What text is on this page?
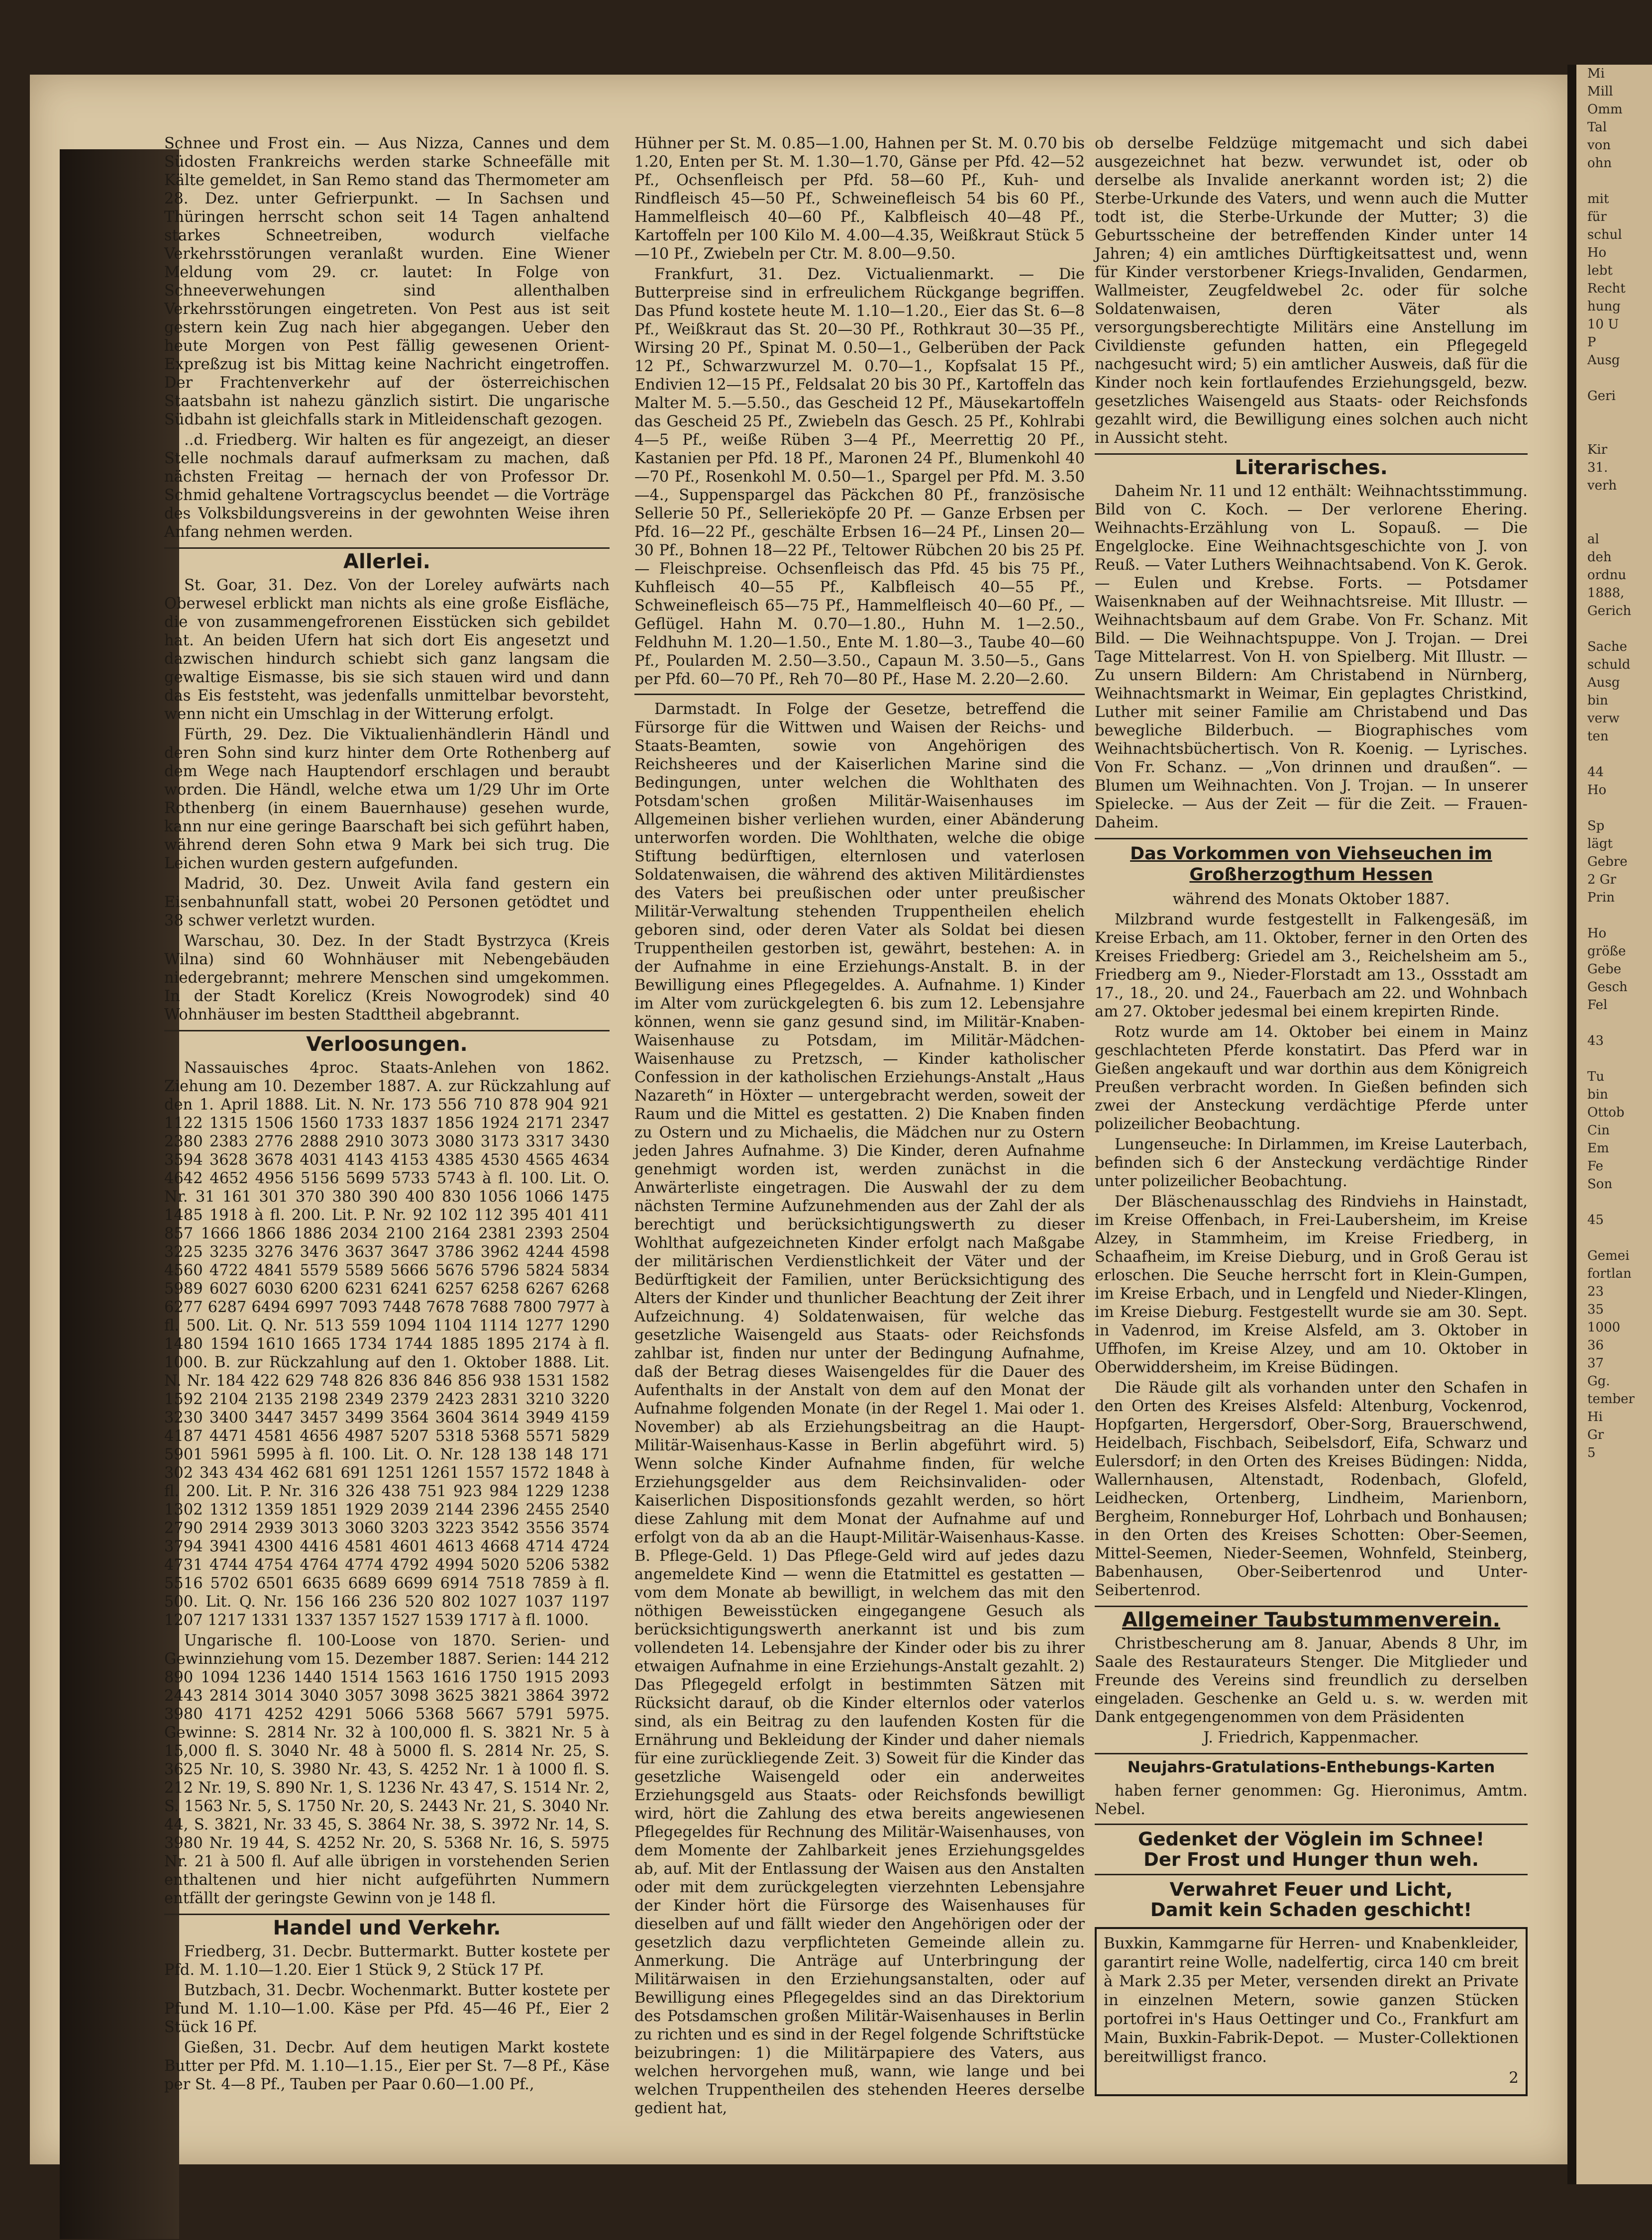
Schnee und Frost ein. — Aus Nizza, Cannes und dem Südosten Frankreichs werden starke Schneefälle mit Kälte gemeldet, in San Remo stand das Thermometer am 28. Dez. unter Gefrierpunkt. — In Sachsen und Thüringen herrscht schon seit 14 Tagen anhaltend starkes Schneetreiben, wodurch vielfache Verkehrsstörungen veranlaßt wurden. Eine Wiener Meldung vom 29. cr. lautet: In Folge von Schneeverwehungen sind allenthalben Verkehrsstörungen eingetreten. Von Pest aus ist seit gestern kein Zug nach hier abgegangen. Ueber den heute Morgen von Pest fällig gewesenen Orient-Expreßzug ist bis Mittag keine Nachricht eingetroffen. Der Frachtenverkehr auf der österreichischen Staatsbahn ist nahezu gänzlich sistirt. Die ungarische Südbahn ist gleichfalls stark in Mitleidenschaft gezogen.

..d. Friedberg. Wir halten es für angezeigt, an dieser Stelle nochmals darauf aufmerksam zu machen, daß nächsten Freitag — hernach der von Professor Dr. Schmid gehaltene Vortragscyclus beendet — die Vorträge des Volksbildungsvereins in der gewohnten Weise ihren Anfang nehmen werden.

Allerlei.

St. Goar, 31. Dez. Von der Loreley aufwärts nach Oberwesel erblickt man nichts als eine große Eisfläche, die von zusammengefrorenen Eisstücken sich gebildet hat. An beiden Ufern hat sich dort Eis angesetzt und dazwischen hindurch schiebt sich ganz langsam die gewaltige Eismasse, bis sie sich stauen wird und dann das Eis feststeht, was jedenfalls unmittelbar bevorsteht, wenn nicht ein Umschlag in der Witterung erfolgt.

Fürth, 29. Dez. Die Viktualienhändlerin Händl und deren Sohn sind kurz hinter dem Orte Rothenberg auf dem Wege nach Hauptendorf erschlagen und beraubt worden. Die Händl, welche etwa um 1/29 Uhr im Orte Rothenberg (in einem Bauernhause) gesehen wurde, kann nur eine geringe Baarschaft bei sich geführt haben, während deren Sohn etwa 9 Mark bei sich trug. Die Leichen wurden gestern aufgefunden.

Madrid, 30. Dez. Unweit Avila fand gestern ein Eisenbahnunfall statt, wobei 20 Personen getödtet und 38 schwer verletzt wurden.

Warschau, 30. Dez. In der Stadt Bystrzyca (Kreis Wilna) sind 60 Wohnhäuser mit Nebengebäuden niedergebrannt; mehrere Menschen sind umgekommen. In der Stadt Korelicz (Kreis Nowogrodek) sind 40 Wohnhäuser im besten Stadttheil abgebrannt.

Verloosungen.

Nassauisches 4proc. Staats-Anlehen von 1862. Ziehung am 10. Dezember 1887. A. zur Rückzahlung auf den 1. April 1888. Lit. N. Nr. 173 556 710 878 904 921 1122 1315 1506 1560 1733 1837 1856 1924 2171 2347 2380 2383 2776 2888 2910 3073 3080 3173 3317 3430 3594 3628 3678 4031 4143 4153 4385 4530 4565 4634 4642 4652 4956 5156 5699 5733 5743 à fl. 100. Lit. O. Nr. 31 161 301 370 380 390 400 830 1056 1066 1475 1485 1918 à fl. 200. Lit. P. Nr. 92 102 112 395 401 411 857 1666 1866 1886 2034 2100 2164 2381 2393 2504 3225 3235 3276 3476 3637 3647 3786 3962 4244 4598 4560 4722 4841 5579 5589 5666 5676 5796 5824 5834 5989 6027 6030 6200 6231 6241 6257 6258 6267 6268 6277 6287 6494 6997 7093 7448 7678 7688 7800 7977 à fl. 500. Lit. Q. Nr. 513 559 1094 1104 1114 1277 1290 1480 1594 1610 1665 1734 1744 1885 1895 2174 à fl. 1000. B. zur Rückzahlung auf den 1. Oktober 1888. Lit. N. Nr. 184 422 629 748 826 836 846 856 938 1531 1582 1592 2104 2135 2198 2349 2379 2423 2831 3210 3220 3230 3400 3447 3457 3499 3564 3604 3614 3949 4159 4187 4471 4581 4656 4987 5207 5318 5368 5571 5829 5901 5961 5995 à fl. 100. Lit. O. Nr. 128 138 148 171 302 343 434 462 681 691 1251 1261 1557 1572 1848 à fl. 200. Lit. P. Nr. 316 326 438 751 923 984 1229 1238 1302 1312 1359 1851 1929 2039 2144 2396 2455 2540 2790 2914 2939 3013 3060 3203 3223 3542 3556 3574 3794 3941 4300 4416 4581 4601 4613 4668 4714 4724 4731 4744 4754 4764 4774 4792 4994 5020 5206 5382 5516 5702 6501 6635 6689 6699 6914 7518 7859 à fl. 500. Lit. Q. Nr. 156 166 236 520 802 1027 1037 1197 1207 1217 1331 1337 1357 1527 1539 1717 à fl. 1000.

Ungarische fl. 100-Loose von 1870. Serien- und Gewinnziehung vom 15. Dezember 1887. Serien: 144 212 890 1094 1236 1440 1514 1563 1616 1750 1915 2093 2443 2814 3014 3040 3057 3098 3625 3821 3864 3972 3980 4171 4252 4291 5066 5368 5667 5791 5975. Gewinne: S. 2814 Nr. 32 à 100,000 fl. S. 3821 Nr. 5 à 15,000 fl. S. 3040 Nr. 48 à 5000 fl. S. 2814 Nr. 25, S. 3625 Nr. 10, S. 3980 Nr. 43, S. 4252 Nr. 1 à 1000 fl. S. 212 Nr. 19, S. 890 Nr. 1, S. 1236 Nr. 43 47, S. 1514 Nr. 2, S. 1563 Nr. 5, S. 1750 Nr. 20, S. 2443 Nr. 21, S. 3040 Nr. 44, S. 3821, Nr. 33 45, S. 3864 Nr. 38, S. 3972 Nr. 14, S. 3980 Nr. 19 44, S. 4252 Nr. 20, S. 5368 Nr. 16, S. 5975 Nr. 21 à 500 fl. Auf alle übrigen in vorstehenden Serien enthaltenen und hier nicht aufgeführten Nummern entfällt der geringste Gewinn von je 148 fl.

Handel und Verkehr.

Friedberg, 31. Decbr. Buttermarkt. Butter kostete per Pfd. M. 1.10—1.20. Eier 1 Stück 9, 2 Stück 17 Pf.

Butzbach, 31. Decbr. Wochenmarkt. Butter kostete per Pfund M. 1.10—1.00. Käse per Pfd. 45—46 Pf., Eier 2 Stück 16 Pf.

Gießen, 31. Decbr. Auf dem heutigen Markt kostete Butter per Pfd. M. 1.10—1.15., Eier per St. 7—8 Pf., Käse per St. 4—8 Pf., Tauben per Paar 0.60—1.00 Pf.,

Hühner per St. M. 0.85—1.00, Hahnen per St. M. 0.70 bis 1.20, Enten per St. M. 1.30—1.70, Gänse per Pfd. 42—52 Pf., Ochsenfleisch per Pfd. 58—60 Pf., Kuh- und Rindfleisch 45—50 Pf., Schweinefleisch 54 bis 60 Pf., Hammelfleisch 40—60 Pf., Kalbfleisch 40—48 Pf., Kartoffeln per 100 Kilo M. 4.00—4.35, Weißkraut Stück 5—10 Pf., Zwiebeln per Ctr. M. 8.00—9.50.

Frankfurt, 31. Dez. Victualienmarkt. — Die Butterpreise sind in erfreulichem Rückgange begriffen. Das Pfund kostete heute M. 1.10—1.20., Eier das St. 6—8 Pf., Weißkraut das St. 20—30 Pf., Rothkraut 30—35 Pf., Wirsing 20 Pf., Spinat M. 0.50—1., Gelberüben der Pack 12 Pf., Schwarzwurzel M. 0.70—1., Kopfsalat 15 Pf., Endivien 12—15 Pf., Feldsalat 20 bis 30 Pf., Kartoffeln das Malter M. 5.—5.50., das Gescheid 12 Pf., Mäusekartoffeln das Gescheid 25 Pf., Zwiebeln das Gesch. 25 Pf., Kohlrabi 4—5 Pf., weiße Rüben 3—4 Pf., Meerrettig 20 Pf., Kastanien per Pfd. 18 Pf., Maronen 24 Pf., Blumenkohl 40—70 Pf., Rosenkohl M. 0.50—1., Spargel per Pfd. M. 3.50—4., Suppenspargel das Päckchen 80 Pf., französische Sellerie 50 Pf., Sellerieköpfe 20 Pf. — Ganze Erbsen per Pfd. 16—22 Pf., geschälte Erbsen 16—24 Pf., Linsen 20—30 Pf., Bohnen 18—22 Pf., Teltower Rübchen 20 bis 25 Pf. — Fleischpreise. Ochsenfleisch das Pfd. 45 bis 75 Pf., Kuhfleisch 40—55 Pf., Kalbfleisch 40—55 Pf., Schweinefleisch 65—75 Pf., Hammelfleisch 40—60 Pf., — Geflügel. Hahn M. 0.70—1.80., Huhn M. 1—2.50., Feldhuhn M. 1.20—1.50., Ente M. 1.80—3., Taube 40—60 Pf., Poularden M. 2.50—3.50., Capaun M. 3.50—5., Gans per Pfd. 60—70 Pf., Reh 70—80 Pf., Hase M. 2.20—2.60.

Darmstadt. In Folge der Gesetze, betreffend die Fürsorge für die Wittwen und Waisen der Reichs- und Staats-Beamten, sowie von Angehörigen des Reichsheeres und der Kaiserlichen Marine sind die Bedingungen, unter welchen die Wohlthaten des Potsdam'schen großen Militär-Waisenhauses im Allgemeinen bisher verliehen wurden, einer Abänderung unterworfen worden. Die Wohlthaten, welche die obige Stiftung bedürftigen, elternlosen und vaterlosen Soldatenwaisen, die während des aktiven Militärdienstes des Vaters bei preußischen oder unter preußischer Militär-Verwaltung stehenden Truppentheilen ehelich geboren sind, oder deren Vater als Soldat bei diesen Truppentheilen gestorben ist, gewährt, bestehen: A. in der Aufnahme in eine Erziehungs-Anstalt. B. in der Bewilligung eines Pflegegeldes. A. Aufnahme. 1) Kinder im Alter vom zurückgelegten 6. bis zum 12. Lebensjahre können, wenn sie ganz gesund sind, im Militär-Knaben-Waisenhause zu Potsdam, im Militär-Mädchen-Waisenhause zu Pretzsch, — Kinder katholischer Confession in der katholischen Erziehungs-Anstalt „Haus Nazareth“ in Höxter — untergebracht werden, soweit der Raum und die Mittel es gestatten. 2) Die Knaben finden zu Ostern und zu Michaelis, die Mädchen nur zu Ostern jeden Jahres Aufnahme. 3) Die Kinder, deren Aufnahme genehmigt worden ist, werden zunächst in die Anwärterliste eingetragen. Die Auswahl der zu dem nächsten Termine Aufzunehmenden aus der Zahl der als berechtigt und berücksichtigungswerth zu dieser Wohlthat aufgezeichneten Kinder erfolgt nach Maßgabe der militärischen Verdienstlichkeit der Väter und der Bedürftigkeit der Familien, unter Berücksichtigung des Alters der Kinder und thunlicher Beachtung der Zeit ihrer Aufzeichnung. 4) Soldatenwaisen, für welche das gesetzliche Waisengeld aus Staats- oder Reichsfonds zahlbar ist, finden nur unter der Bedingung Aufnahme, daß der Betrag dieses Waisengeldes für die Dauer des Aufenthalts in der Anstalt von dem auf den Monat der Aufnahme folgenden Monate (in der Regel 1. Mai oder 1. November) ab als Erziehungsbeitrag an die Haupt-Militär-Waisenhaus-Kasse in Berlin abgeführt wird. 5) Wenn solche Kinder Aufnahme finden, für welche Erziehungsgelder aus dem Reichsinvaliden- oder Kaiserlichen Dispositionsfonds gezahlt werden, so hört diese Zahlung mit dem Monat der Aufnahme auf und erfolgt von da ab an die Haupt-Militär-Waisenhaus-Kasse. B. Pflege-Geld. 1) Das Pflege-Geld wird auf jedes dazu angemeldete Kind — wenn die Etatmittel es gestatten — vom dem Monate ab bewilligt, in welchem das mit den nöthigen Beweisstücken eingegangene Gesuch als berücksichtigungswerth anerkannt ist und bis zum vollendeten 14. Lebensjahre der Kinder oder bis zu ihrer etwaigen Aufnahme in eine Erziehungs-Anstalt gezahlt. 2) Das Pflegegeld erfolgt in bestimmten Sätzen mit Rücksicht darauf, ob die Kinder elternlos oder vaterlos sind, als ein Beitrag zu den laufenden Kosten für die Ernährung und Bekleidung der Kinder und daher niemals für eine zurückliegende Zeit. 3) Soweit für die Kinder das gesetzliche Waisengeld oder ein anderweites Erziehungsgeld aus Staats- oder Reichsfonds bewilligt wird, hört die Zahlung des etwa bereits angewiesenen Pflegegeldes für Rechnung des Militär-Waisenhauses, von dem Momente der Zahlbarkeit jenes Erziehungsgeldes ab, auf. Mit der Entlassung der Waisen aus den Anstalten oder mit dem zurückgelegten vierzehnten Lebensjahre der Kinder hört die Fürsorge des Waisenhauses für dieselben auf und fällt wieder den Angehörigen oder der gesetzlich dazu verpflichteten Gemeinde allein zu. Anmerkung. Die Anträge auf Unterbringung der Militärwaisen in den Erziehungsanstalten, oder auf Bewilligung eines Pflegegeldes sind an das Direktorium des Potsdamschen großen Militär-Waisenhauses in Berlin zu richten und es sind in der Regel folgende Schriftstücke beizubringen: 1) die Militärpapiere des Vaters, aus welchen hervorgehen muß, wann, wie lange und bei welchen Truppentheilen des stehenden Heeres derselbe gedient hat,

ob derselbe Feldzüge mitgemacht und sich dabei ausgezeichnet hat bezw. verwundet ist, oder ob derselbe als Invalide anerkannt worden ist; 2) die Sterbe-Urkunde des Vaters, und wenn auch die Mutter todt ist, die Sterbe-Urkunde der Mutter; 3) die Geburtsscheine der betreffenden Kinder unter 14 Jahren; 4) ein amtliches Dürftigkeitsattest und, wenn für Kinder verstorbener Kriegs-Invaliden, Gendarmen, Wallmeister, Zeugfeldwebel 2c. oder für solche Soldatenwaisen, deren Väter als versorgungsberechtigte Militärs eine Anstellung im Civildienste gefunden hatten, ein Pflegegeld nachgesucht wird; 5) ein amtlicher Ausweis, daß für die Kinder noch kein fortlaufendes Erziehungsgeld, bezw. gesetzliches Waisengeld aus Staats- oder Reichsfonds gezahlt wird, die Bewilligung eines solchen auch nicht in Aussicht steht.

Literarisches.

Daheim Nr. 11 und 12 enthält: Weihnachtsstimmung. Bild von C. Koch. — Der verlorene Ehering. Weihnachts-Erzählung von L. Sopauß. — Die Engelglocke. Eine Weihnachtsgeschichte von J. von Reuß. — Vater Luthers Weihnachtsabend. Von K. Gerok. — Eulen und Krebse. Forts. — Potsdamer Waisenknaben auf der Weihnachtsreise. Mit Illustr. — Weihnachtsbaum auf dem Grabe. Von Fr. Schanz. Mit Bild. — Die Weihnachtspuppe. Von J. Trojan. — Drei Tage Mittelarrest. Von H. von Spielberg. Mit Illustr. — Zu unsern Bildern: Am Christabend in Nürnberg, Weihnachtsmarkt in Weimar, Ein geplagtes Christkind, Luther mit seiner Familie am Christabend und Das bewegliche Bilderbuch. — Biographisches vom Weihnachtsbüchertisch. Von R. Koenig. — Lyrisches. Von Fr. Schanz. — „Von drinnen und draußen“. — Blumen um Weihnachten. Von J. Trojan. — In unserer Spielecke. — Aus der Zeit — für die Zeit. — Frauen-Daheim.

Das Vorkommen von Viehseuchen im Großherzogthum Hessen

während des Monats Oktober 1887.

Milzbrand wurde festgestellt in Falkengesäß, im Kreise Erbach, am 11. Oktober, ferner in den Orten des Kreises Friedberg: Griedel am 3., Reichelsheim am 5., Friedberg am 9., Nieder-Florstadt am 13., Ossstadt am 17., 18., 20. und 24., Fauerbach am 22. und Wohnbach am 27. Oktober jedesmal bei einem krepirten Rinde.

Rotz wurde am 14. Oktober bei einem in Mainz geschlachteten Pferde konstatirt. Das Pferd war in Gießen angekauft und war dorthin aus dem Königreich Preußen verbracht worden. In Gießen befinden sich zwei der Ansteckung verdächtige Pferde unter polizeilicher Beobachtung.

Lungenseuche: In Dirlammen, im Kreise Lauterbach, befinden sich 6 der Ansteckung verdächtige Rinder unter polizeilicher Beobachtung.

Der Bläschenausschlag des Rindviehs in Hainstadt, im Kreise Offenbach, in Frei-Laubersheim, im Kreise Alzey, in Stammheim, im Kreise Friedberg, in Schaafheim, im Kreise Dieburg, und in Groß Gerau ist erloschen. Die Seuche herrscht fort in Klein-Gumpen, im Kreise Erbach, und in Lengfeld und Nieder-Klingen, im Kreise Dieburg. Festgestellt wurde sie am 30. Sept. in Vadenrod, im Kreise Alsfeld, am 3. Oktober in Uffhofen, im Kreise Alzey, und am 10. Oktober in Oberwiddersheim, im Kreise Büdingen.

Die Räude gilt als vorhanden unter den Schafen in den Orten des Kreises Alsfeld: Altenburg, Vockenrod, Hopfgarten, Hergersdorf, Ober-Sorg, Brauerschwend, Heidelbach, Fischbach, Seibelsdorf, Eifa, Schwarz und Eulersdorf; in den Orten des Kreises Büdingen: Nidda, Wallernhausen, Altenstadt, Rodenbach, Glofeld, Leidhecken, Ortenberg, Lindheim, Marienborn, Bergheim, Ronneburger Hof, Lohrbach und Bonhausen; in den Orten des Kreises Schotten: Ober-Seemen, Mittel-Seemen, Nieder-Seemen, Wohnfeld, Steinberg, Babenhausen, Ober-Seibertenrod und Unter-Seibertenrod.

Allgemeiner Taubstummenverein.

Christbescherung am 8. Januar, Abends 8 Uhr, im Saale des Restaurateurs Stenger. Die Mitglieder und Freunde des Vereins sind freundlich zu derselben eingeladen. Geschenke an Geld u. s. w. werden mit Dank entgegengenommen von dem Präsidenten

J. Friedrich, Kappenmacher.

Neujahrs-Gratulations-Enthebungs-Karten

haben ferner genommen: Gg. Hieronimus, Amtm. Nebel.

Gedenket der Vöglein im Schnee!

Der Frost und Hunger thun weh.

Verwahret Feuer und Licht,

Damit kein Schaden geschicht!

Buxkin, Kammgarne für Herren- und Knabenkleider, garantirt reine Wolle, nadelfertig, circa 140 cm breit à Mark 2.35 per Meter, versenden direkt an Private in einzelnen Metern, sowie ganzen Stücken portofrei in's Haus Oettinger und Co., Frankfurt am Main, Buxkin-Fabrik-Depot. — Muster-Collektionen bereitwilligst franco.

2

Mi
Mill
Omm
Tal
von
ohn

mit
für
schul
Ho
lebt
Recht
hung
10 U
P
Ausg

Geri

Kir
31.
verh

al
deh
ordnu
1888,
Gerich

Sache
schuld
Ausg
bin
verw
ten

44
Ho

Sp
lägt
Gebre
2 Gr
Prin

Ho
größe
Gebe
Gesch
Fel

43

Tu
bin
Ottob
Cin
Em
Fe
Son

45

Gemei
fortlan
23
35
1000
36
37
Gg.
tember
Hi
Gr
5
